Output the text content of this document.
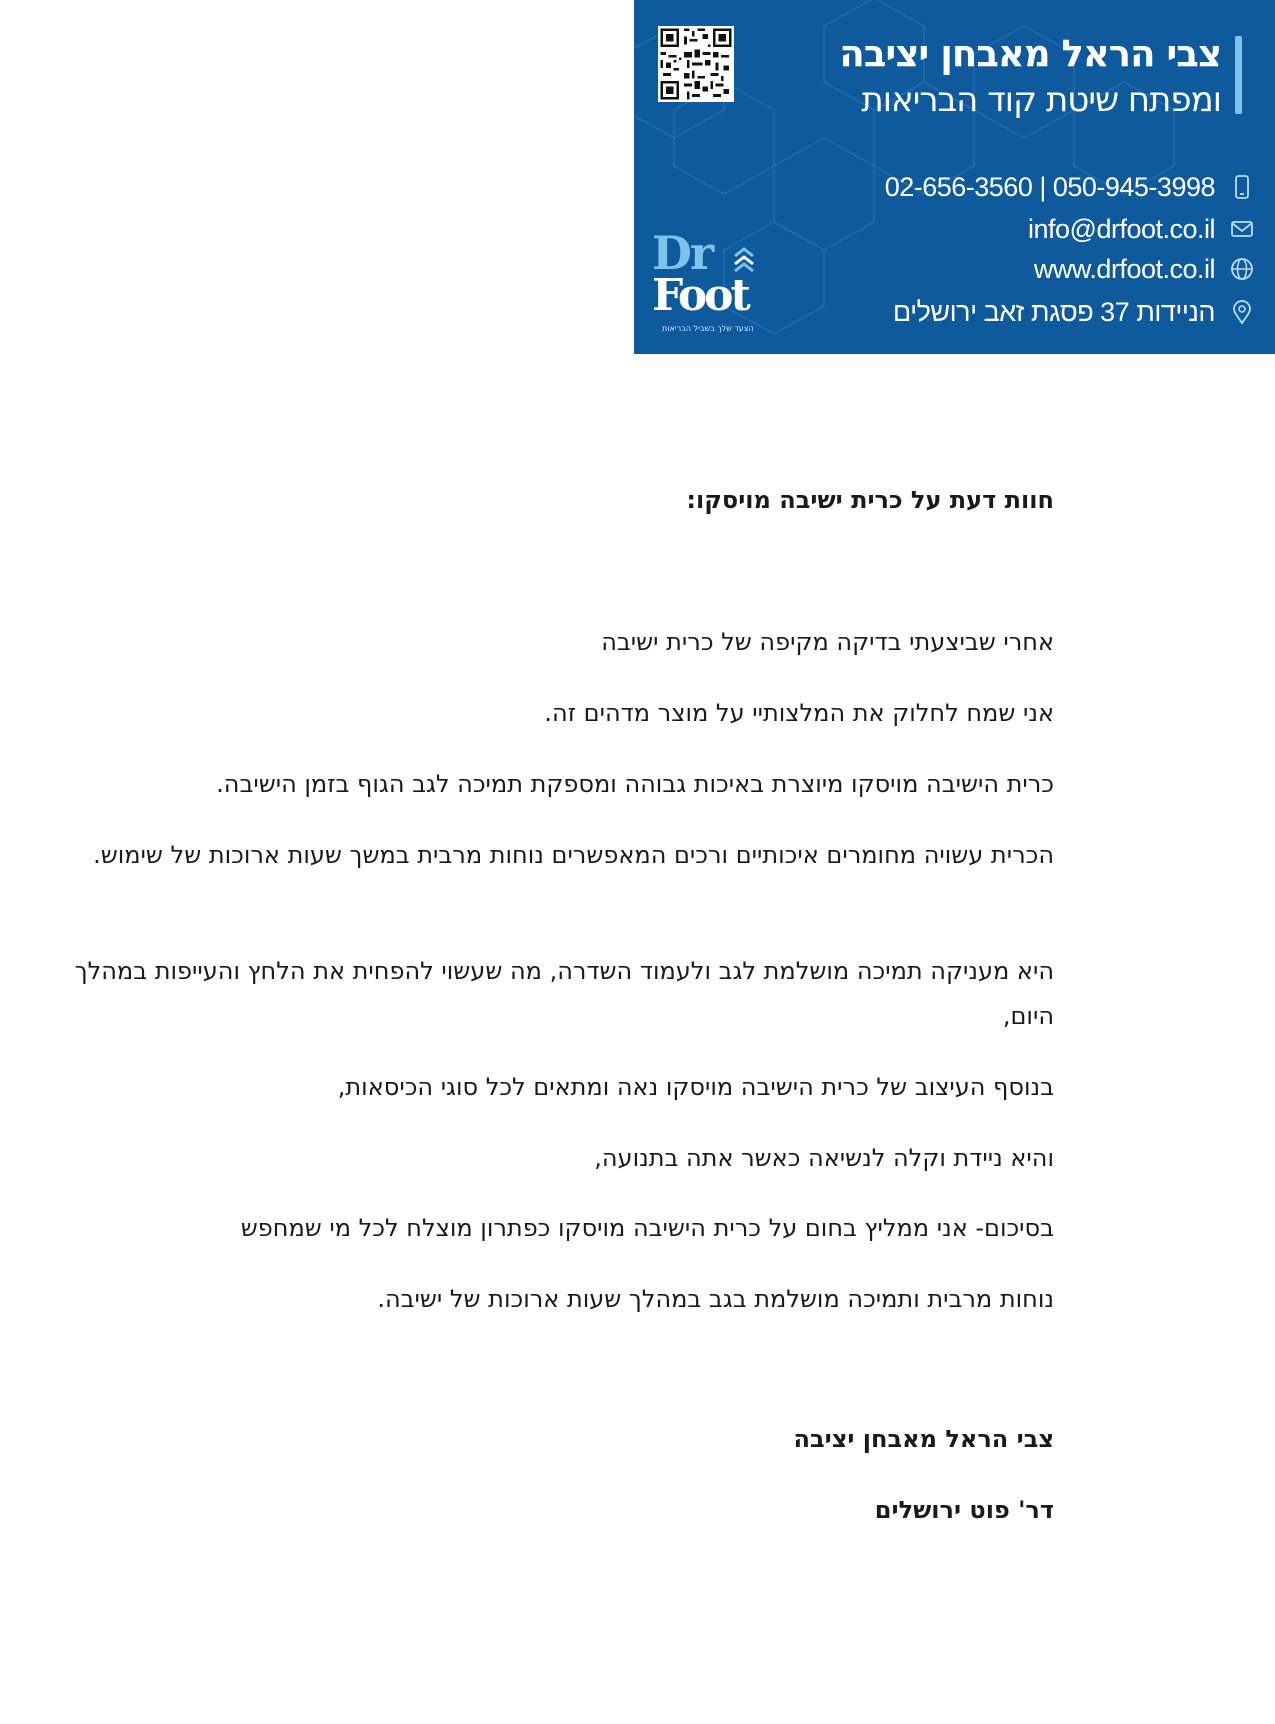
צבי הראל מאבחן יציבה
ומפתח שיטת קוד הבריאות
02-656-3560 | 050-945-3998
info@drfoot.co.il
www.drfoot.co.il
הניידות 37 פסגת זאב ירושלים
Dr
Foot
הצעד שלך בשביל הבריאות
חוות דעת על כרית ישיבה מויסקו:

אחרי שביצעתי בדיקה מקיפה של כרית ישיבה

אני שמח לחלוק את המלצותיי על מוצר מדהים זה.

כרית הישיבה מויסקו מיוצרת באיכות גבוהה ומספקת תמיכה לגב הגוף בזמן הישיבה.

הכרית עשויה מחומרים איכותיים ורכים המאפשרים נוחות מרבית במשך שעות ארוכות של שימוש.

היא מעניקה תמיכה מושלמת לגב ולעמוד השדרה, מה שעשוי להפחית את הלחץ והעייפות במהלך היום,

בנוסף העיצוב של כרית הישיבה מויסקו נאה ומתאים לכל סוגי הכיסאות,

והיא ניידת וקלה לנשיאה כאשר אתה בתנועה,

בסיכום- אני ממליץ בחום על כרית הישיבה מויסקו כפתרון מוצלח לכל מי שמחפש

נוחות מרבית ותמיכה מושלמת בגב במהלך שעות ארוכות של ישיבה.

צבי הראל מאבחן יציבה
דר' פוט ירושלים
